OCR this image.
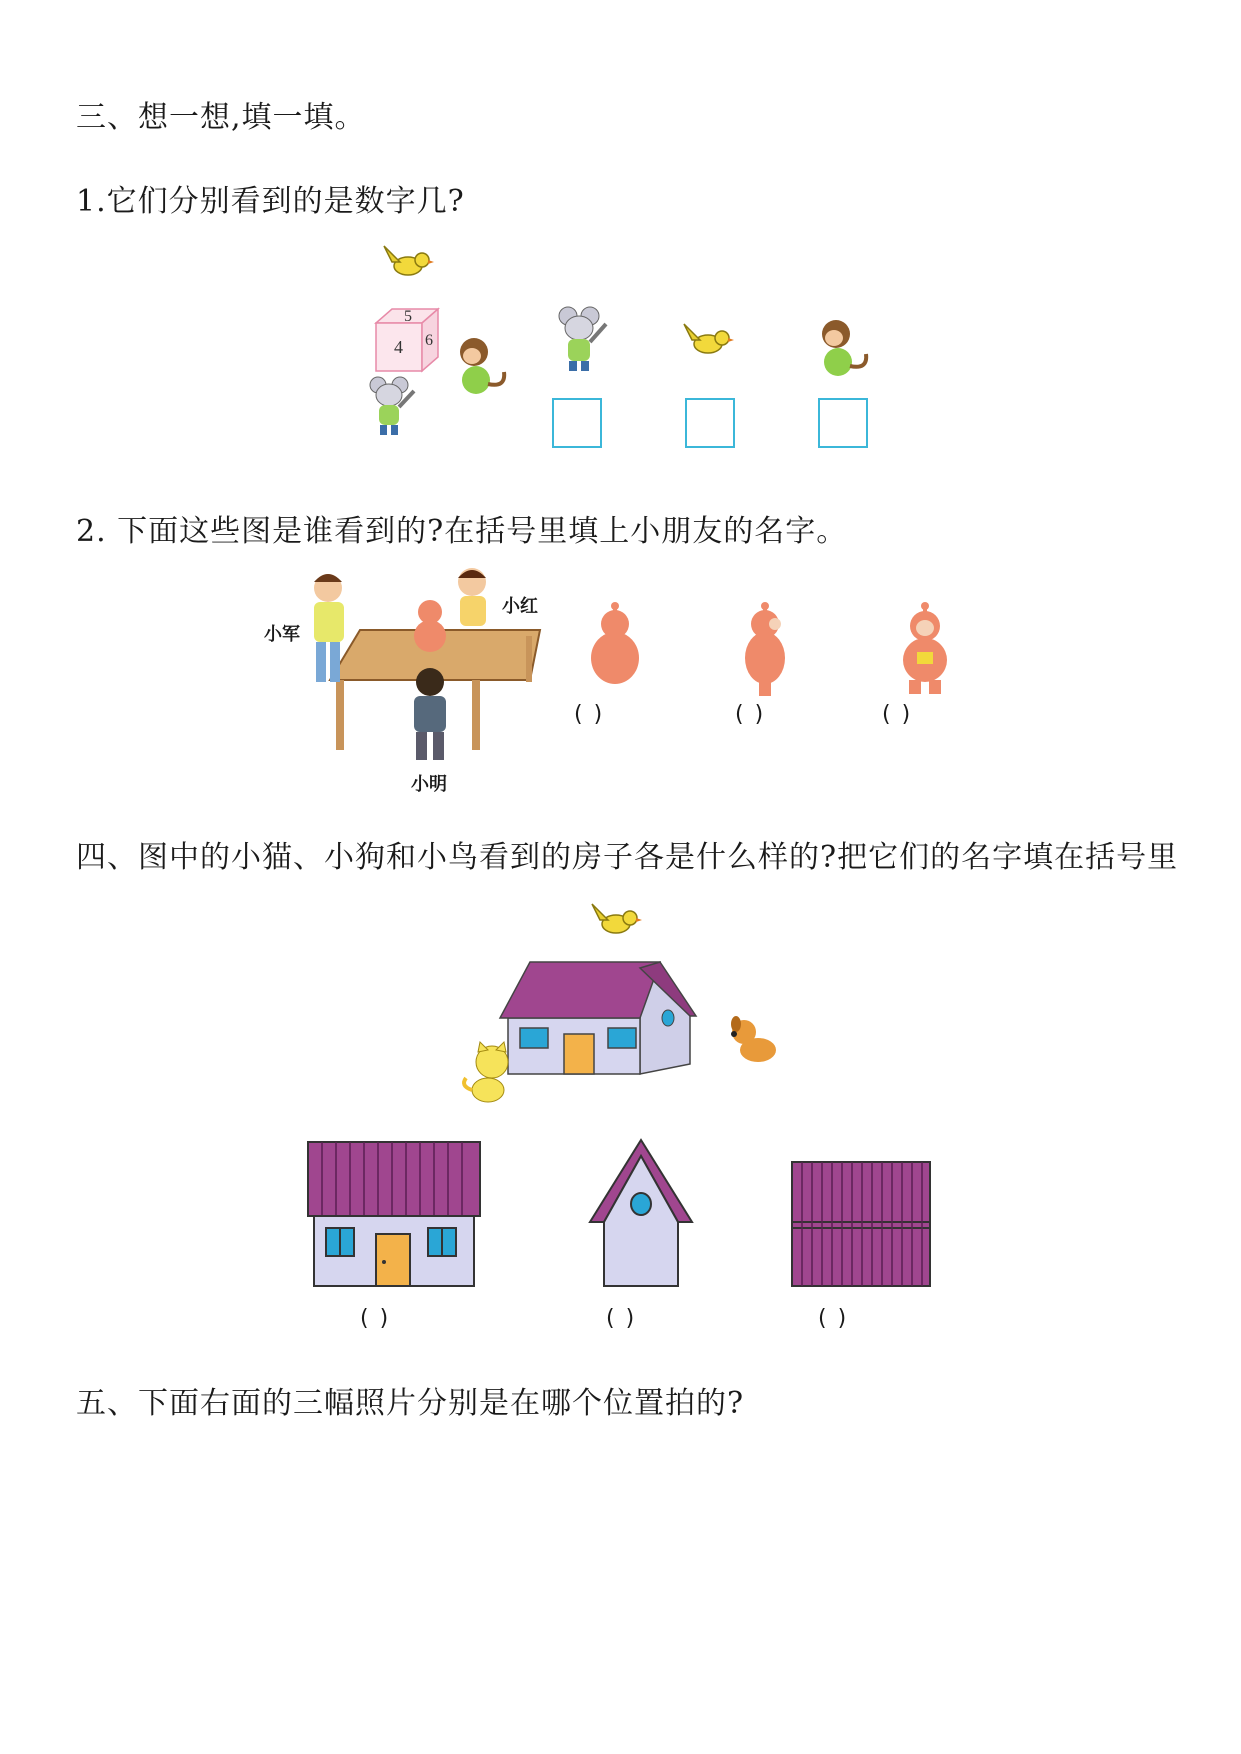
三、想一想,填一填。
1.它们分别看到的是数字几?
2. 下面这些图是谁看到的?在括号里填上小朋友的名字。
四、图中的小猫、小狗和小鸟看到的房子各是什么样的?把它们的名字填在括号里
五、下面右面的三幅照片分别是在哪个位置拍的?
5
4 6
小军
小红
小明
( )	( )	( )
( )	( )	( )
